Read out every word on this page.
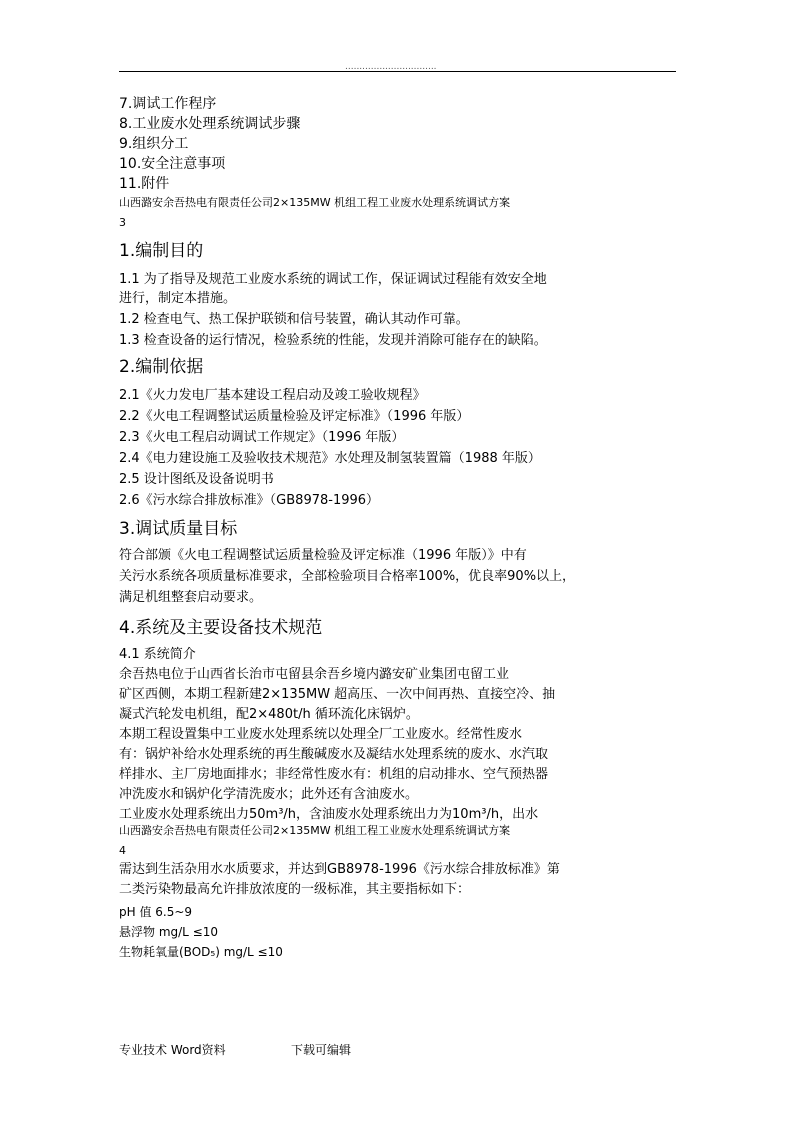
................................
7.调试工作程序
8.工业废水处理系统调试步骤
9.组织分工
10.安全注意事项
11.附件
山西潞安余吾热电有限责任公司2×135MW 机组工程工业废水处理系统调试方案
3
1.编制目的
1.1 为了指导及规范工业废水系统的调试工作，保证调试过程能有效安全地
进行，制定本措施。
1.2 检查电气、热工保护联锁和信号装置，确认其动作可靠。
1.3 检查设备的运行情况，检验系统的性能，发现并消除可能存在的缺陷。
2.编制依据
2.1《火力发电厂基本建设工程启动及竣工验收规程》
2.2《火电工程调整试运质量检验及评定标准》（1996 年版）
2.3《火电工程启动调试工作规定》（1996 年版）
2.4《电力建设施工及验收技术规范》水处理及制氢装置篇（1988 年版）
2.5 设计图纸及设备说明书
2.6《污水综合排放标准》（GB8978-1996）
3.调试质量目标
符合部颁《火电工程调整试运质量检验及评定标准（1996 年版）》中有
关污水系统各项质量标准要求，全部检验项目合格率100%，优良率90%以上，
满足机组整套启动要求。
4.系统及主要设备技术规范
4.1 系统简介
余吾热电位于山西省长治市屯留县余吾乡境内潞安矿业集团屯留工业
矿区西侧，本期工程新建2×135MW 超高压、一次中间再热、直接空冷、抽
凝式汽轮发电机组，配2×480t/h 循环流化床锅炉。
本期工程设置集中工业废水处理系统以处理全厂工业废水。经常性废水
有：锅炉补给水处理系统的再生酸碱废水及凝结水处理系统的废水、水汽取
样排水、主厂房地面排水；非经常性废水有：机组的启动排水、空气预热器
冲洗废水和锅炉化学清洗废水；此外还有含油废水。
工业废水处理系统出力50m³/h，含油废水处理系统出力为10m³/h，出水
山西潞安余吾热电有限责任公司2×135MW 机组工程工业废水处理系统调试方案
4
需达到生活杂用水水质要求，并达到GB8978-1996《污水综合排放标准》第
二类污染物最高允许排放浓度的一级标准，其主要指标如下：
pH 值 6.5~9
悬浮物 mg/L ≤10
生物耗氧量(BOD₅) mg/L ≤10
专业技术 Word资料	下载可编辑
